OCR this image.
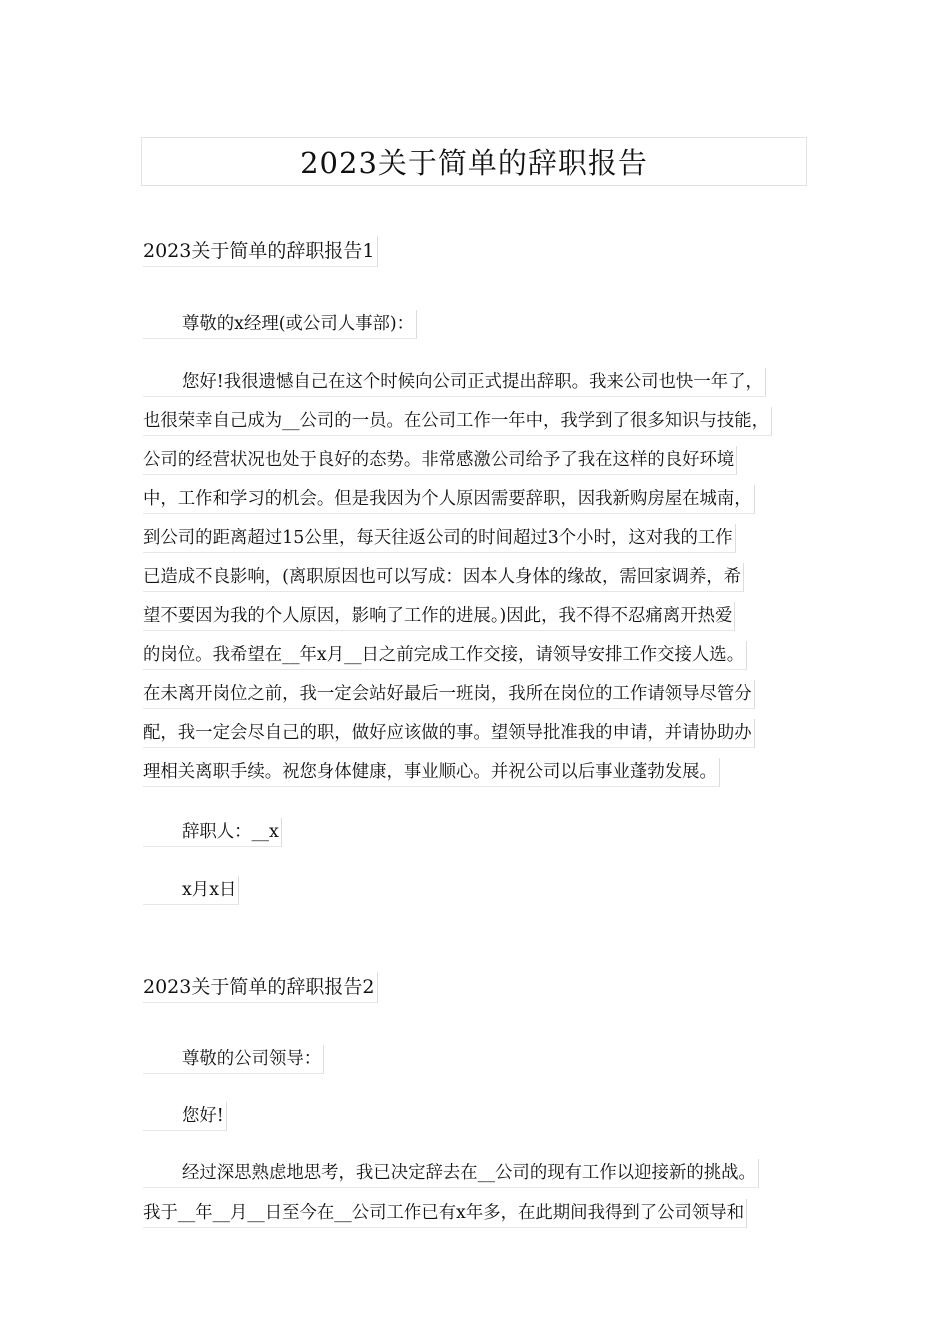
2023关于简单的辞职报告
2023关于简单的辞职报告1
尊敬的x经理(或公司人事部)：
您好!我很遗憾自己在这个时候向公司正式提出辞职。我来公司也快一年了，
也很荣幸自己成为__公司的一员。在公司工作一年中，我学到了很多知识与技能，
公司的经营状况也处于良好的态势。非常感激公司给予了我在这样的良好环境
中，工作和学习的机会。但是我因为个人原因需要辞职，因我新购房屋在城南，
到公司的距离超过15公里，每天往返公司的时间超过3个小时，这对我的工作
已造成不良影响，(离职原因也可以写成：因本人身体的缘故，需回家调养，希
望不要因为我的个人原因，影响了工作的进展。)因此，我不得不忍痛离开热爱
的岗位。我希望在__年x月__日之前完成工作交接，请领导安排工作交接人选。
在未离开岗位之前，我一定会站好最后一班岗，我所在岗位的工作请领导尽管分
配，我一定会尽自己的职，做好应该做的事。望领导批准我的申请，并请协助办
理相关离职手续。祝您身体健康，事业顺心。并祝公司以后事业蓬勃发展。
辞职人：__x
x月x日
2023关于简单的辞职报告2
尊敬的公司领导：
您好!
经过深思熟虑地思考，我已决定辞去在__公司的现有工作以迎接新的挑战。
我于__年__月__日至今在__公司工作已有x年多，在此期间我得到了公司领导和
